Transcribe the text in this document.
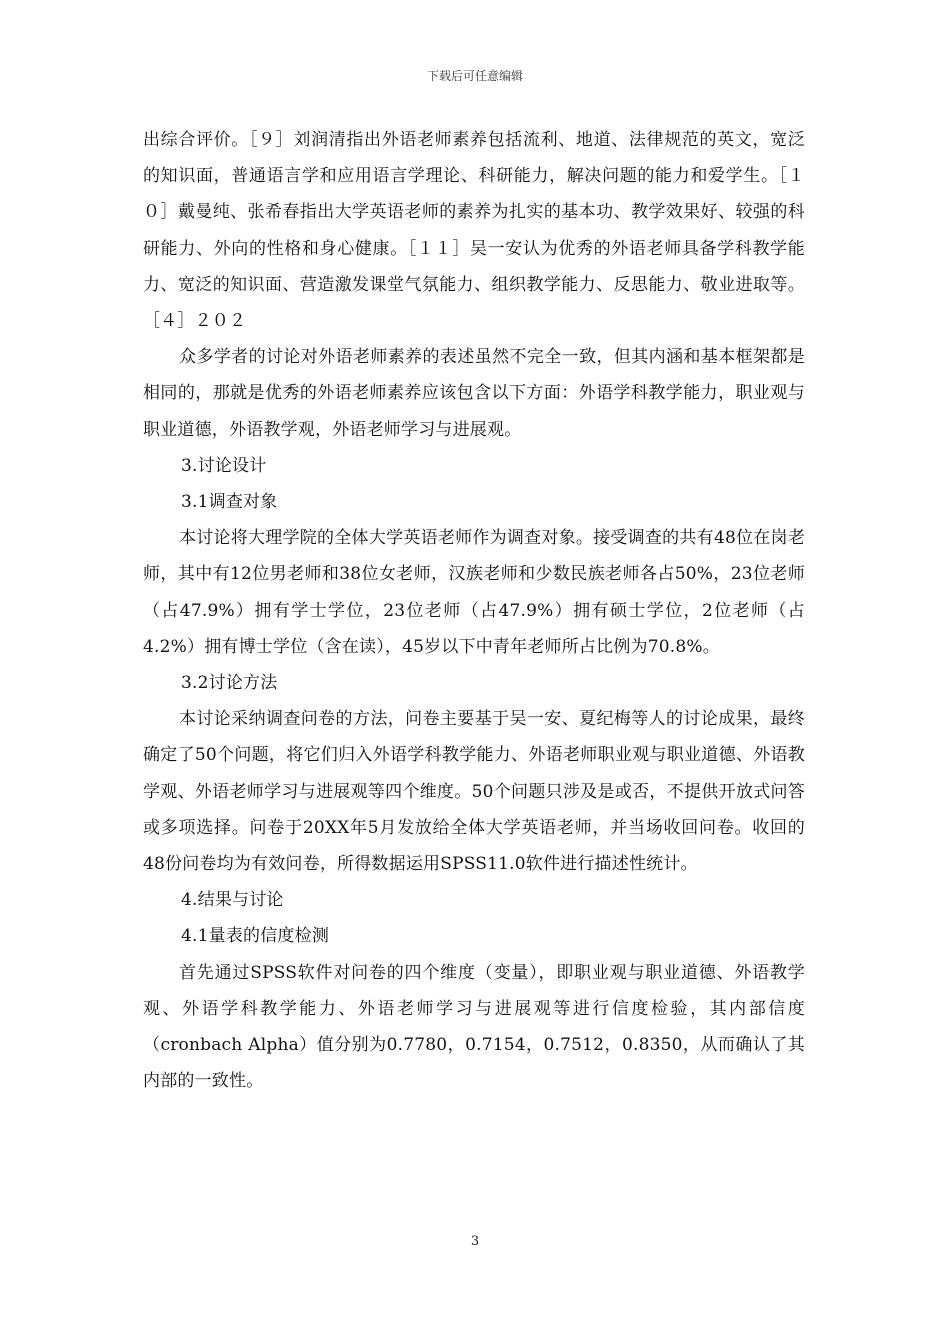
下载后可任意编辑

出综合评价。［９］刘润清指出外语老师素养包括流利、地道、法律规范的英文，宽泛的知识面，普通语言学和应用语言学理论、科研能力，解决问题的能力和爱学生。［１０］戴曼纯、张希春指出大学英语老师的素养为扎实的基本功、教学效果好、较强的科研能力、外向的性格和身心健康。［１１］吴一安认为优秀的外语老师具备学科教学能力、宽泛的知识面、营造激发课堂气氛能力、组织教学能力、反思能力、敬业进取等。［４］２０２

众多学者的讨论对外语老师素养的表述虽然不完全一致，但其内涵和基本框架都是相同的，那就是优秀的外语老师素养应该包含以下方面：外语学科教学能力，职业观与职业道德，外语教学观，外语老师学习与进展观。

3.讨论设计

3.1调查对象

本讨论将大理学院的全体大学英语老师作为调查对象。接受调查的共有48位在岗老师，其中有12位男老师和38位女老师，汉族老师和少数民族老师各占50%，23位老师（占47.9%）拥有学士学位，23位老师（占47.9%）拥有硕士学位，2位老师（占4.2%）拥有博士学位（含在读），45岁以下中青年老师所占比例为70.8%。

3.2讨论方法

本讨论采纳调查问卷的方法，问卷主要基于吴一安、夏纪梅等人的讨论成果，最终确定了50个问题，将它们归入外语学科教学能力、外语老师职业观与职业道德、外语教学观、外语老师学习与进展观等四个维度。50个问题只涉及是或否，不提供开放式问答或多项选择。问卷于20XX年5月发放给全体大学英语老师，并当场收回问卷。收回的48份问卷均为有效问卷，所得数据运用SPSS11.0软件进行描述性统计。

4.结果与讨论

4.1量表的信度检测

首先通过SPSS软件对问卷的四个维度（变量），即职业观与职业道德、外语教学观、外语学科教学能力、外语老师学习与进展观等进行信度检验，其内部信度（cronbach Alpha）值分别为0.7780，0.7154，0.7512，0.8350，从而确认了其内部的一致性。

3
